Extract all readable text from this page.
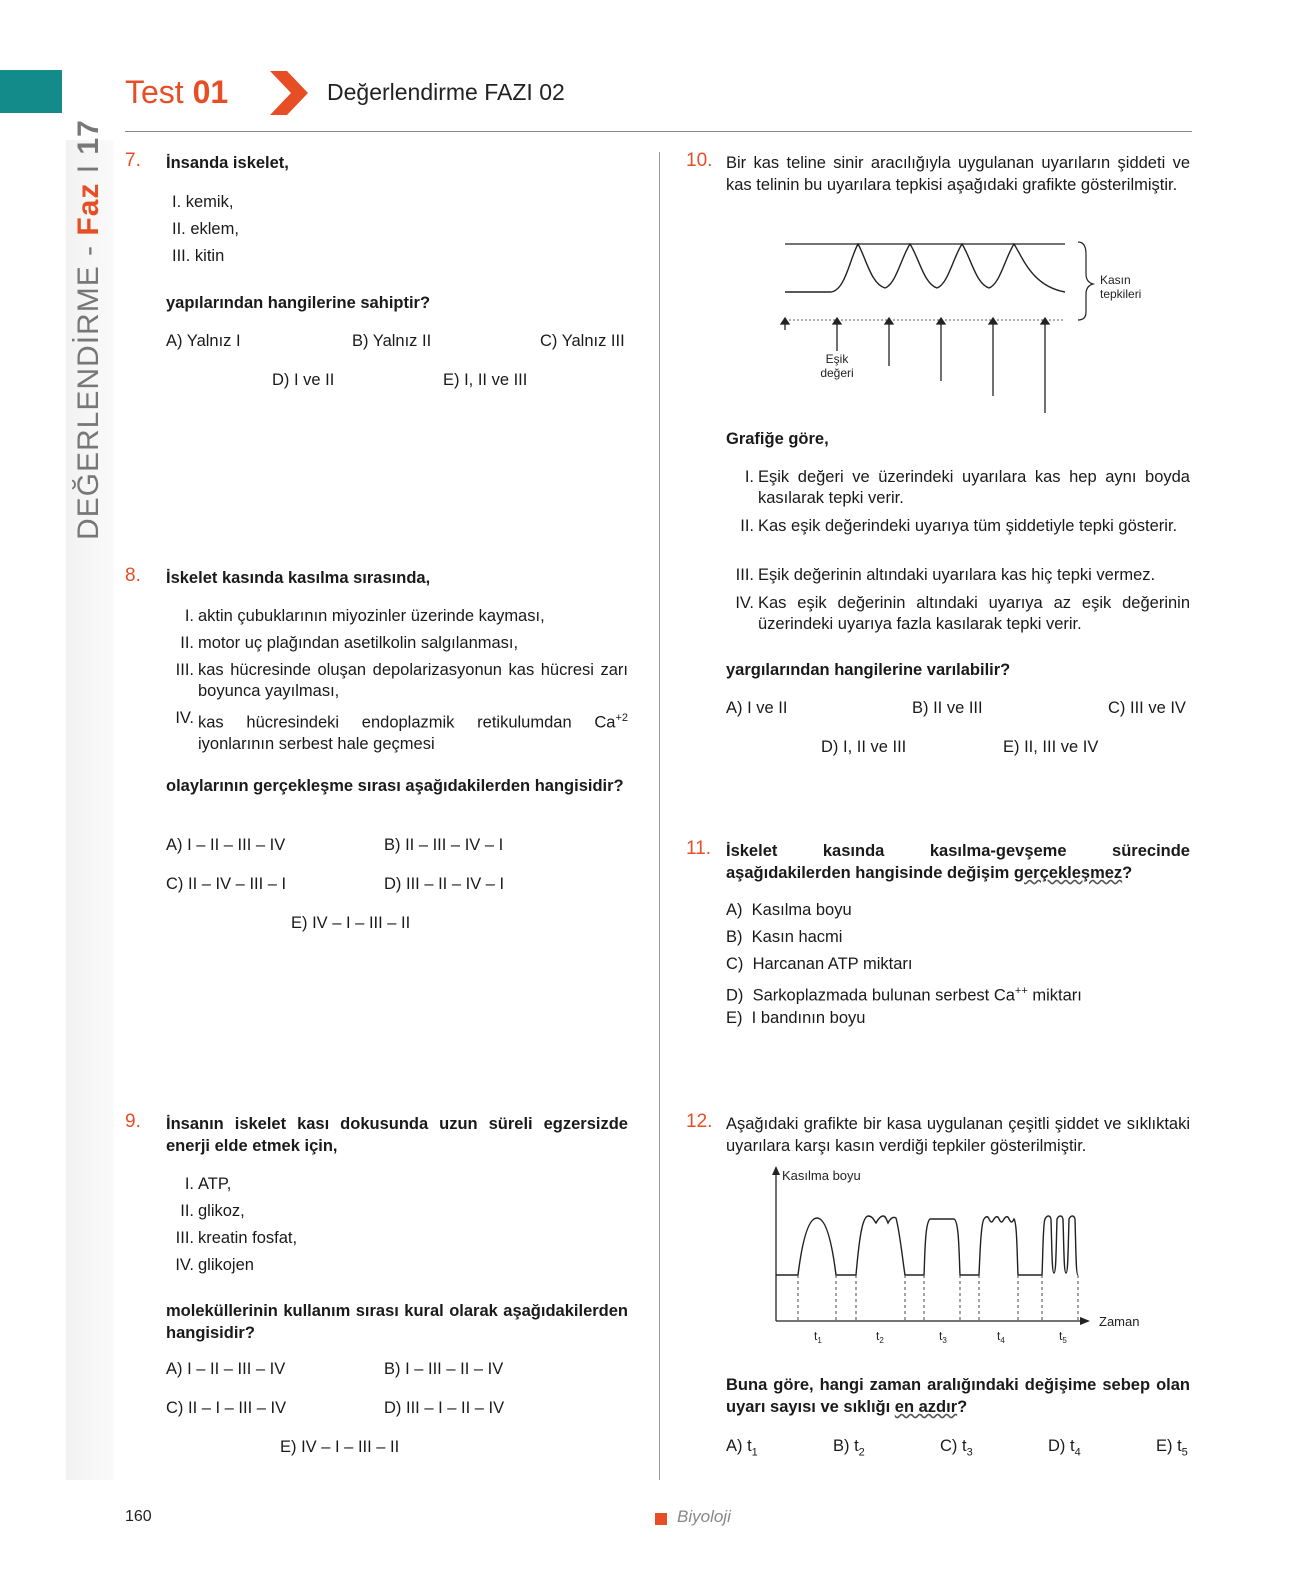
Test 01	Değerlendirme FAZI 02
DEĞERLENDİRME - Faz I 17
7. İnsanda iskelet,
I. kemik,
II. eklem,
III. kitin
yapılarından hangilerine sahiptir?
A) Yalnız I	B) Yalnız II	C) Yalnız III
D) I ve II	E) I, II ve III
8. İskelet kasında kasılma sırasında,
I. aktin çubuklarının miyozinler üzerinde kayması,
II. motor uç plağından asetilkolin salgılanması,
III. kas hücresinde oluşan depolarizasyonun kas hücresi zarı boyunca yayılması,
IV. kas hücresindeki endoplazmik retikulumdan $Ca^{+2}$ iyonlarının serbest hale geçmesi
olaylarının gerçekleşme sırası aşağıdakilerden hangisidir?
A) I – II – III – IV	B) II – III – IV – I
C) II – IV – III – I	D) III – II – IV – I
E) IV – I – III – II
9. İnsanın iskelet kası dokusunda uzun süreli egzersizde enerji elde etmek için,
I. ATP,
II. glikoz,
III. kreatin fosfat,
IV. glikojen
moleküllerinin kullanım sırası kural olarak aşağıdakilerden hangisidir?
A) I – II – III – IV	B) I – III – II – IV
C) II – I – III – IV	D) III – I – II – IV
E) IV – I – III – II
10. Bir kas teline sinir aracılığıyla uygulanan uyarıların şiddeti ve kas telinin bu uyarılara tepkisi aşağıdaki grafikte gösterilmiştir.
Kasın
tepkileri
Eşik
değeri
Grafiğe göre,
I. Eşik değeri ve üzerindeki uyarılara kas hep aynı boyda kasılarak tepki verir.
II. Kas eşik değerindeki uyarıya tüm şiddetiyle tepki gösterir.
III. Eşik değerinin altındaki uyarılara kas hiç tepki vermez.
IV. Kas eşik değerinin altındaki uyarıya az eşik değerinin üzerindeki uyarıya fazla kasılarak tepki verir.
yargılarından hangilerine varılabilir?
A) I ve II	B) II ve III	C) III ve IV
D) I, II ve III	E) II, III ve IV
11. İskelet kasında kasılma-gevşeme sürecinde aşağıdakilerden hangisinde değişim gerçekleşmez?
A) Kasılma boyu
B) Kasın hacmi
C) Harcanan ATP miktarı
D) Sarkoplazmada bulunan serbest Ca++ miktarı
E) I bandının boyu
12. Aşağıdaki grafikte bir kasa uygulanan çeşitli şiddet ve sıklıktaki uyarılara karşı kasın verdiği tepkiler gösterilmiştir.
Kasılma boyu
Zaman
$t_1$	$t_2$	$t_3$	$t_4$	$t_5$
Buna göre, hangi zaman aralığındaki değişime sebep olan uyarı sayısı ve sıklığı en azdır?
A) $t_1$	B) $t_2$	C) $t_3$	D) $t_4$	E) $t_5$
160	Biyoloji
